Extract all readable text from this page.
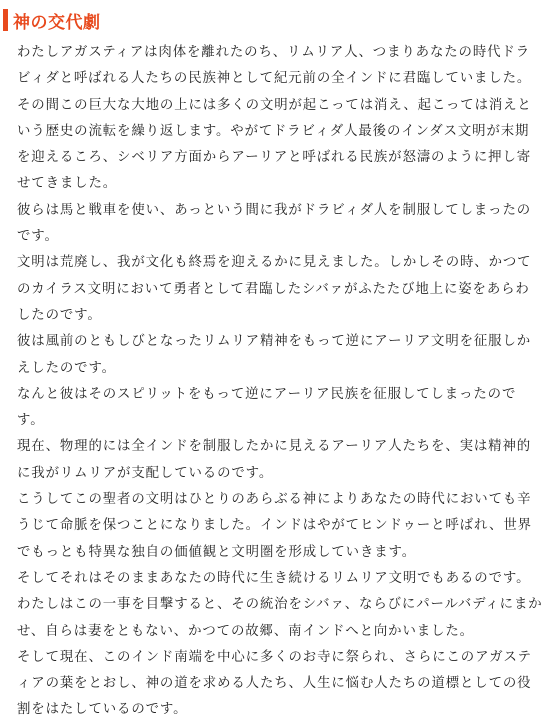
神の交代劇

わたしアガスティアは肉体を離れたのち、リムリア人、つまりあなたの時代ドラビィダと呼ばれる人たちの民族神として紀元前の全インドに君臨していました。

その間この巨大な大地の上には多くの文明が起こっては消え、起こっては消えという歴史の流転を繰り返します。やがてドラビィダ人最後のインダス文明が末期を迎えるころ、シベリア方面からアーリアと呼ばれる民族が怒濤のように押し寄せてきました。

彼らは馬と戦車を使い、あっという間に我がドラビィダ人を制服してしまったのです。

文明は荒廃し、我が文化も終焉を迎えるかに見えました。しかしその時、かつてのカイラス文明において勇者として君臨したシバァがふたたび地上に姿をあらわしたのです。

彼は風前のともしびとなったリムリア精神をもって逆にアーリア文明を征服しかえしたのです。

なんと彼はそのスピリットをもって逆にアーリア民族を征服してしまったのです。

現在、物理的には全インドを制服したかに見えるアーリア人たちを、実は精神的に我がリムリアが支配しているのです。

こうしてこの聖者の文明はひとりのあらぶる神によりあなたの時代においても辛うじて命脈を保つことになりました。インドはやがてヒンドゥーと呼ばれ、世界でもっとも特異な独自の価値観と文明圏を形成していきます。

そしてそれはそのままあなたの時代に生き続けるリムリア文明でもあるのです。

わたしはこの一事を目撃すると、その統治をシバァ、ならびにパールバディにまかせ、自らは妻をともない、かつての故郷、南インドへと向かいました。

そして現在、このインド南端を中心に多くのお寺に祭られ、さらにこのアガスティアの葉をとおし、神の道を求める人たち、人生に悩む人たちの道標としての役割をはたしているのです。
